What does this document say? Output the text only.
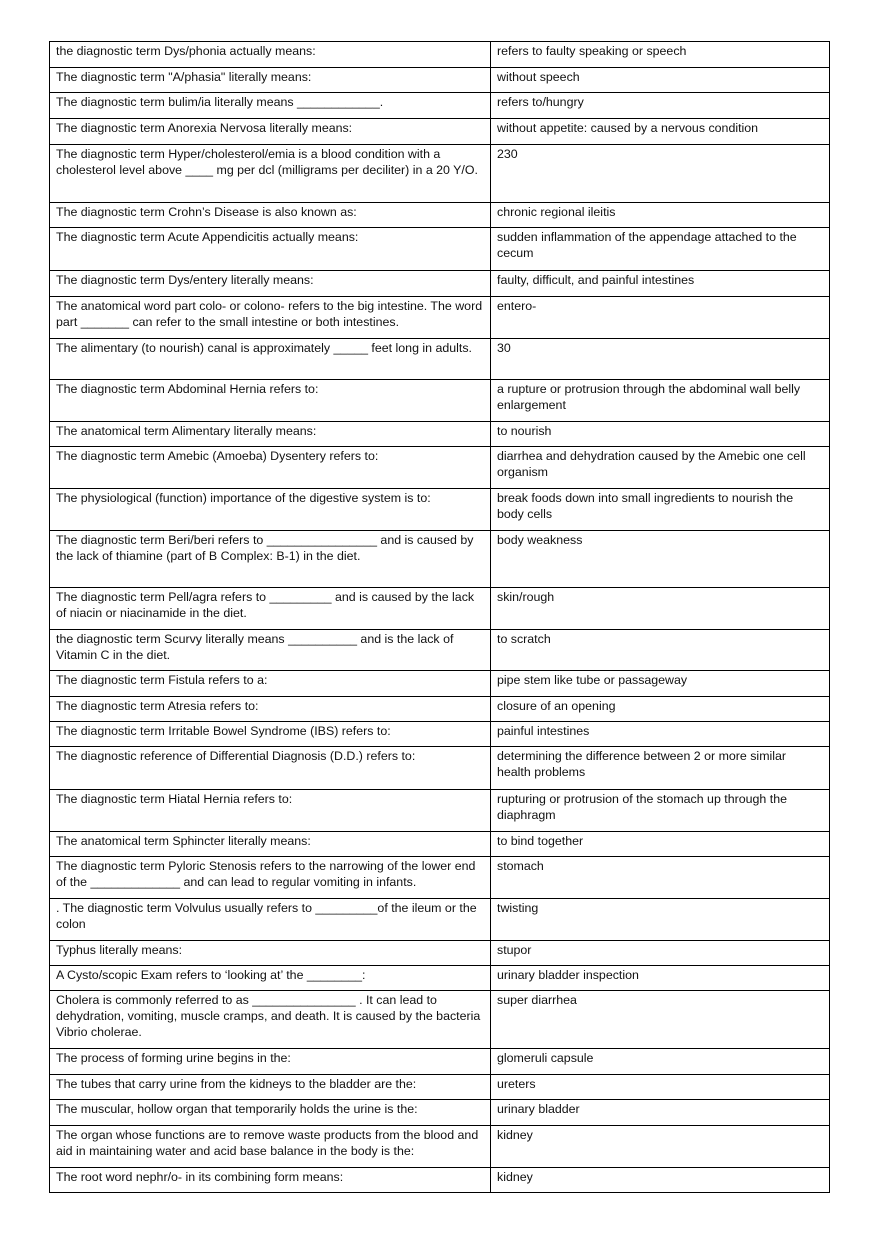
the diagnostic term Dys/phonia actually means:	refers to faulty speaking or speech
The diagnostic term "A/phasia" literally means:	without speech
The diagnostic term bulim/ia literally means ____________.	refers to/hungry
The diagnostic term Anorexia Nervosa literally means:	without appetite: caused by a nervous condition
The diagnostic term Hyper/cholesterol/emia is a blood condition with a cholesterol level above ____ mg per dcl (milligrams per deciliter) in a 20 Y/O.	230
The diagnostic term Crohn’s Disease is also known as:	chronic regional ileitis
The diagnostic term Acute Appendicitis actually means:	sudden inflammation of the appendage attached to the cecum
The diagnostic term Dys/entery literally means:	faulty, difficult, and painful intestines
The anatomical word part colo- or colono- refers to the big intestine. The word part _______ can refer to the small intestine or both intestines.	entero-
The alimentary (to nourish) canal is approximately _____ feet long in adults.	30
The diagnostic term Abdominal Hernia refers to:	a rupture or protrusion through the abdominal wall belly enlargement
The anatomical term Alimentary literally means:	to nourish
The diagnostic term Amebic (Amoeba) Dysentery refers to:	diarrhea and dehydration caused by the Amebic one cell organism
The physiological (function) importance of the digestive system is to:	break foods down into small ingredients to nourish the body cells
The diagnostic term Beri/beri refers to ________________ and is caused by the lack of thiamine (part of B Complex: B-1) in the diet.	body weakness
The diagnostic term Pell/agra refers to _________ and is caused by the lack of niacin or niacinamide in the diet.	skin/rough
the diagnostic term Scurvy literally means __________ and is the lack of Vitamin C in the diet.	to scratch
The diagnostic term Fistula refers to a:	pipe stem like tube or passageway
The diagnostic term Atresia refers to:	closure of an opening
The diagnostic term Irritable Bowel Syndrome (IBS) refers to:	painful intestines
The diagnostic reference of Differential Diagnosis (D.D.) refers to:	determining the difference between 2 or more similar health problems
The diagnostic term Hiatal Hernia refers to:	rupturing or protrusion of the stomach up through the diaphragm
The anatomical term Sphincter literally means:	to bind together
The diagnostic term Pyloric Stenosis refers to the narrowing of the lower end of the _____________ and can lead to regular vomiting in infants.	stomach
. The diagnostic term Volvulus usually refers to _________of the ileum or the colon	twisting
Typhus literally means:	stupor
A Cysto/scopic Exam refers to ‘looking at’ the ________:	urinary bladder inspection
Cholera is commonly referred to as _______________ . It can lead to dehydration, vomiting, muscle cramps, and death. It is caused by the bacteria Vibrio cholerae.	super diarrhea
The process of forming urine begins in the:	glomeruli capsule
The tubes that carry urine from the kidneys to the bladder are the:	ureters
The muscular, hollow organ that temporarily holds the urine is the:	urinary bladder
The organ whose functions are to remove waste products from the blood and aid in maintaining water and acid base balance in the body is the:	kidney
The root word nephr/o- in its combining form means:	kidney
